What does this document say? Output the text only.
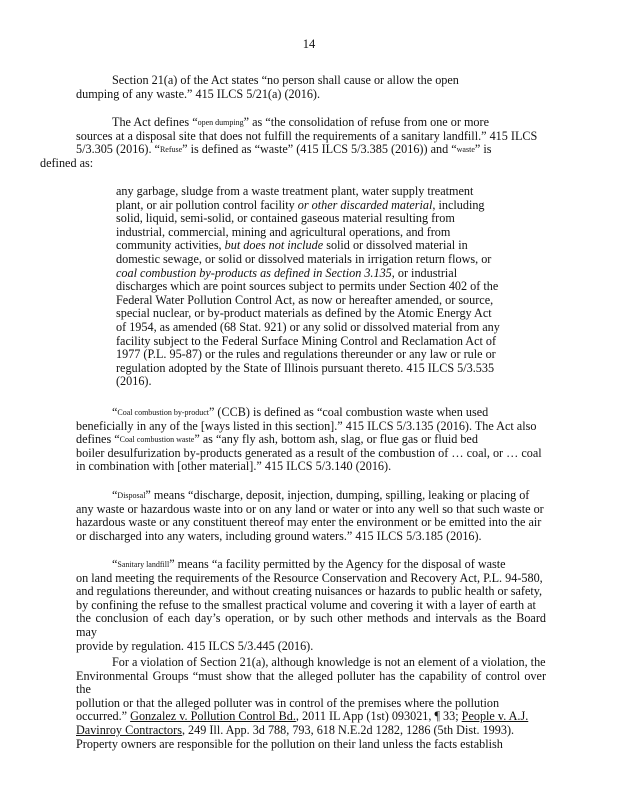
14

Section 21(a) of the Act states “no person shall cause or allow the open
dumping of any waste.” 415 ILCS 5/21(a) (2016).

The Act defines “open dumping” as “the consolidation of refuse from one or more
sources at a disposal site that does not fulfill the requirements of a sanitary landfill.” 415 ILCS
5/3.305 (2016). “Refuse” is defined as “waste” (415 ILCS 5/3.385 (2016)) and “waste” is
defined as:

any garbage, sludge from a waste treatment plant, water supply treatment
plant, or air pollution control facility or other discarded material, including
solid, liquid, semi-solid, or contained gaseous material resulting from
industrial, commercial, mining and agricultural operations, and from
community activities, but does not include solid or dissolved material in
domestic sewage, or solid or dissolved materials in irrigation return flows, or
coal combustion by-products as defined in Section 3.135, or industrial
discharges which are point sources subject to permits under Section 402 of the
Federal Water Pollution Control Act, as now or hereafter amended, or source,
special nuclear, or by-product materials as defined by the Atomic Energy Act
of 1954, as amended (68 Stat. 921) or any solid or dissolved material from any
facility subject to the Federal Surface Mining Control and Reclamation Act of
1977 (P.L. 95-87) or the rules and regulations thereunder or any law or rule or
regulation adopted by the State of Illinois pursuant thereto. 415 ILCS 5/3.535
(2016).

“Coal combustion by-product” (CCB) is defined as “coal combustion waste when used
beneficially in any of the [ways listed in this section].” 415 ILCS 5/3.135 (2016). The Act also
defines “Coal combustion waste” as “any fly ash, bottom ash, slag, or flue gas or fluid bed
boiler desulfurization by-products generated as a result of the combustion of … coal, or … coal
in combination with [other material].” 415 ILCS 5/3.140 (2016).

“Disposal” means “discharge, deposit, injection, dumping, spilling, leaking or placing of
any waste or hazardous waste into or on any land or water or into any well so that such waste or
hazardous waste or any constituent thereof may enter the environment or be emitted into the air
or discharged into any waters, including ground waters.” 415 ILCS 5/3.185 (2016).

“Sanitary landfill” means “a facility permitted by the Agency for the disposal of waste
on land meeting the requirements of the Resource Conservation and Recovery Act, P.L. 94-580,
and regulations thereunder, and without creating nuisances or hazards to public health or safety,
by confining the refuse to the smallest practical volume and covering it with a layer of earth at
the conclusion of each day’s operation, or by such other methods and intervals as the Board may
provide by regulation. 415 ILCS 5/3.445 (2016).

For a violation of Section 21(a), although knowledge is not an element of a violation, the
Environmental Groups “must show that the alleged polluter has the capability of control over the
pollution or that the alleged polluter was in control of the premises where the pollution
occurred.” Gonzalez v. Pollution Control Bd., 2011 IL App (1st) 093021, ¶ 33; People v. A.J.
Davinroy Contractors, 249 Ill. App. 3d 788, 793, 618 N.E.2d 1282, 1286 (5th Dist. 1993).
Property owners are responsible for the pollution on their land unless the facts establish
